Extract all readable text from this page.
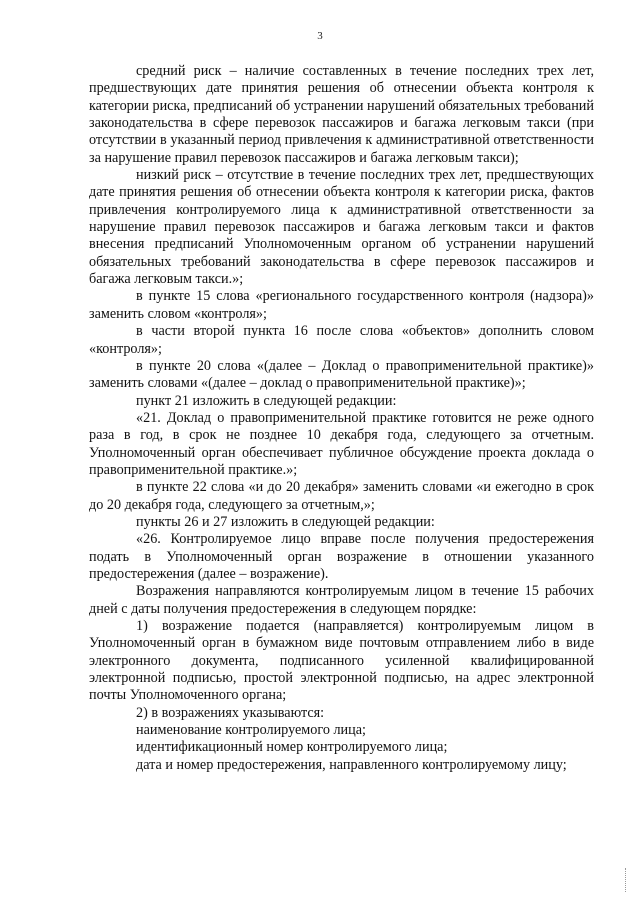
3

средний риск – наличие составленных в течение последних трех лет, предшествующих дате принятия решения об отнесении объекта контроля к категории риска, предписаний об устранении нарушений обязательных требований законодательства в сфере перевозок пассажиров и багажа легковым такси (при отсутствии в указанный период привлечения к административной ответственности за нарушение правил перевозок пассажиров и багажа легковым такси);

низкий риск – отсутствие в течение последних трех лет, предшествующих дате принятия решения об отнесении объекта контроля к категории риска, фактов привлечения контролируемого лица к административной ответственности за нарушение правил перевозок пассажиров и багажа легковым такси и фактов внесения предписаний Уполномоченным органом об устранении нарушений обязательных требований законодательства в сфере перевозок пассажиров и багажа легковым такси.»;

в пункте 15 слова «регионального государственного контроля (надзора)» заменить словом «контроля»;

в части второй пункта 16 после слова «объектов» дополнить словом «контроля»;

в пункте 20 слова «(далее – Доклад о правоприменительной практике)» заменить словами «(далее – доклад о правоприменительной практике)»;

пункт 21 изложить в следующей редакции:

«21. Доклад о правоприменительной практике готовится не реже одного раза в год, в срок не позднее 10 декабря года, следующего за отчетным. Уполномоченный орган обеспечивает публичное обсуждение проекта доклада о правоприменительной практике.»;

в пункте 22 слова «и до 20 декабря» заменить словами «и ежегодно в срок до 20 декабря года, следующего за отчетным,»;

пункты 26 и 27 изложить в следующей редакции:

«26. Контролируемое лицо вправе после получения предостережения подать в Уполномоченный орган возражение в отношении указанного предостережения (далее – возражение).

Возражения направляются контролируемым лицом в течение 15 рабочих дней с даты получения предостережения в следующем порядке:

1) возражение подается (направляется) контролируемым лицом в Уполномоченный орган в бумажном виде почтовым отправлением либо в виде электронного документа, подписанного усиленной квалифицированной электронной подписью, простой электронной подписью, на адрес электронной почты Уполномоченного органа;

2) в возражениях указываются:

наименование контролируемого лица;

идентификационный номер контролируемого лица;

дата и номер предостережения, направленного контролируемому лицу;
